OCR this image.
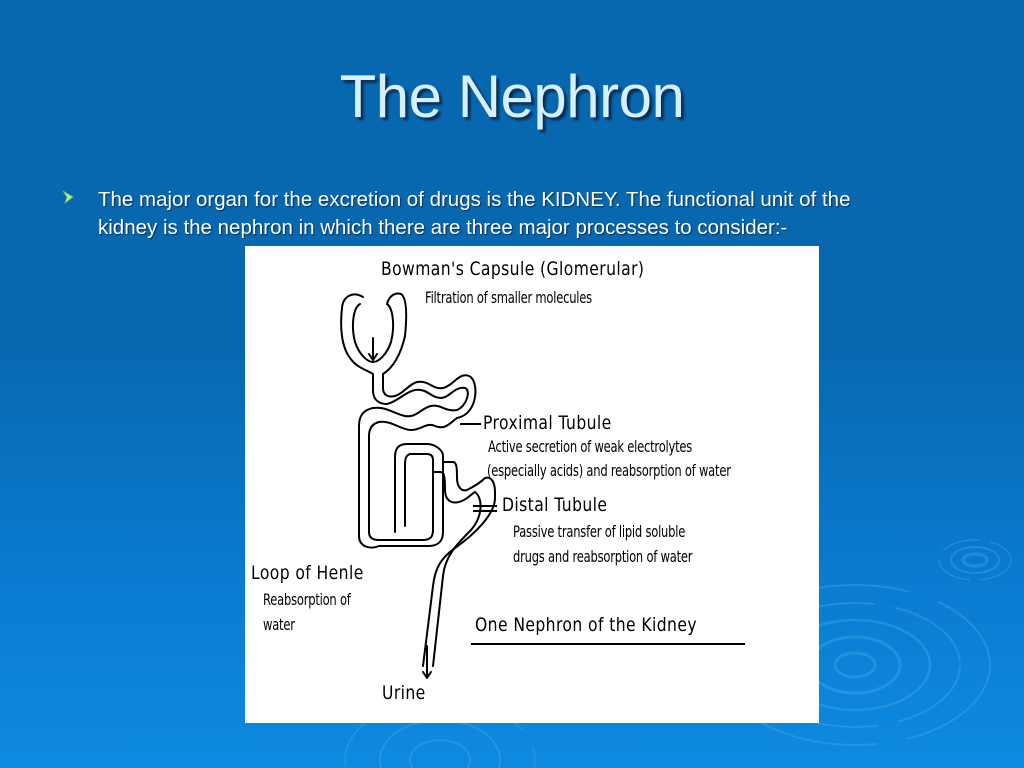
The Nephron
The major organ for the excretion of drugs is the KIDNEY. The functional unit of the
kidney is the nephron in which there are three major processes to consider:-
Bowman's Capsule (Glomerular)
Filtration of smaller molecules
Proximal Tubule
Active secretion of weak electrolytes
(especially acids) and reabsorption of water
Distal Tubule
Passive transfer of lipid soluble
drugs and reabsorption of water
Loop of Henle
Reabsorption of
water
Urine
One Nephron of the Kidney
